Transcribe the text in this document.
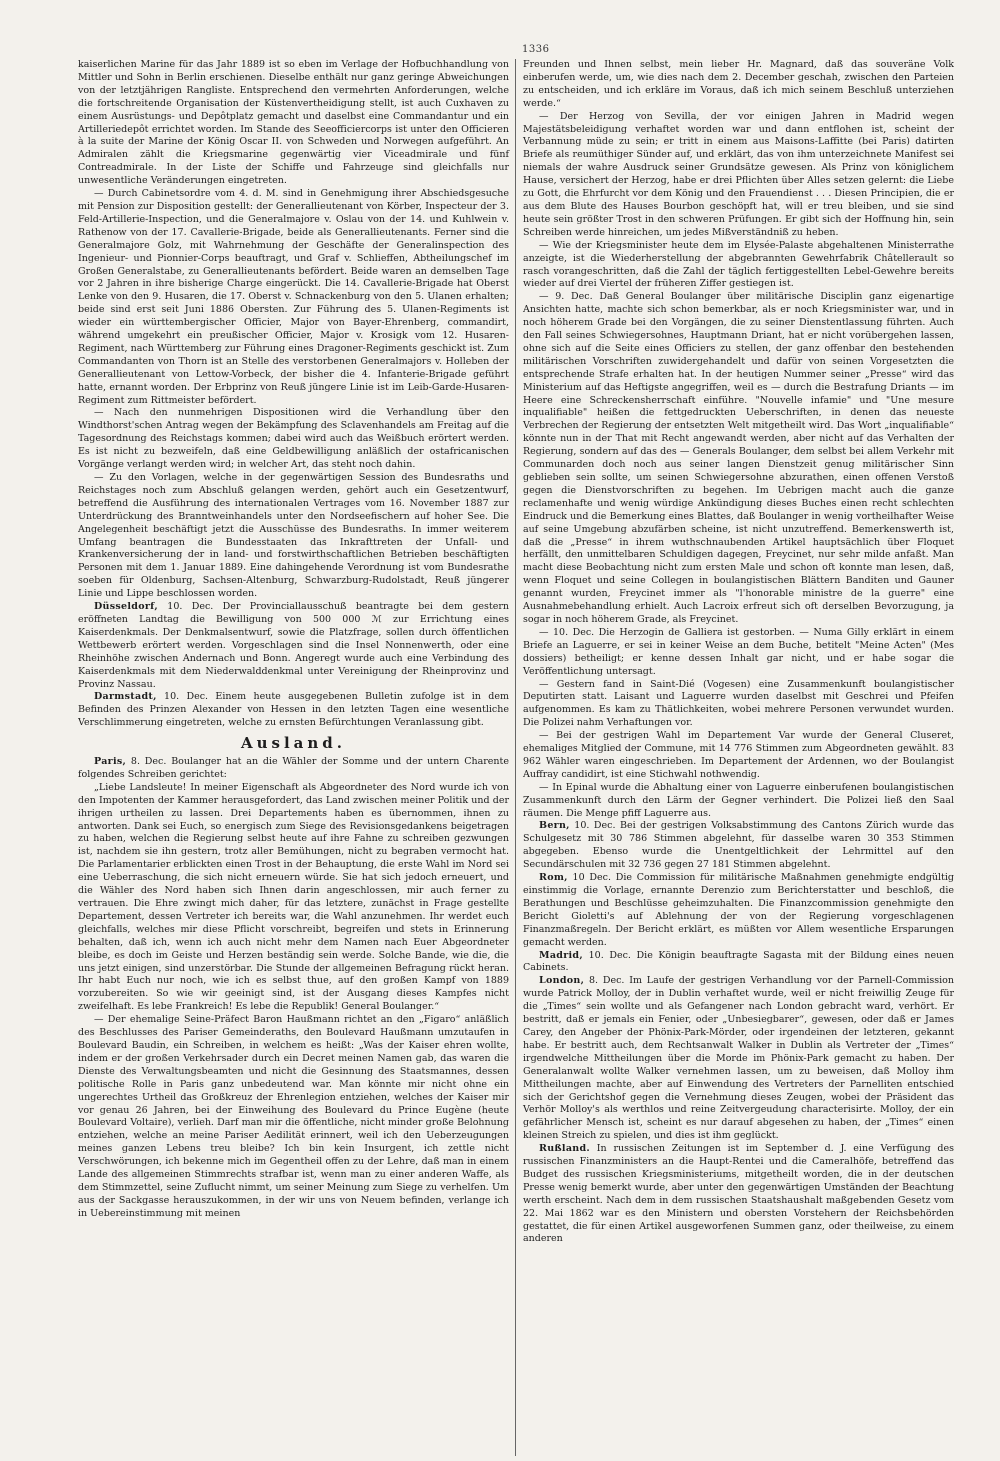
1336

kaiserlichen Marine für das Jahr 1889 ist so eben im Verlage der Hofbuchhandlung von Mittler und Sohn in Berlin erschienen. Dieselbe enthält nur ganz geringe Abweichungen von der letztjährigen Rangliste. Entsprechend den vermehrten Anforderungen, welche die fortschreitende Organisation der Küstenvertheidigung stellt, ist auch Cuxhaven zu einem Ausrüstungs- und Depôtplatz gemacht und daselbst eine Commandantur und ein Artilleriedepôt errichtet worden. Im Stande des Seeofficiercorps ist unter den Officieren à la suite der Marine der König Oscar II. von Schweden und Norwegen aufgeführt. An Admiralen zählt die Kriegsmarine gegenwärtig vier Viceadmirale und fünf Contreadmirale. In der Liste der Schiffe und Fahrzeuge sind gleichfalls nur unwesentliche Veränderungen eingetreten.

— Durch Cabinetsordre vom 4. d. M. sind in Genehmigung ihrer Abschiedsgesuche mit Pension zur Disposition gestellt: der Generallieutenant von Körber, Inspecteur der 3. Feld-Artillerie-Inspection, und die Generalmajore v. Oslau von der 14. und Kuhlwein v. Rathenow von der 17. Cavallerie-Brigade, beide als Generallieutenants. Ferner sind die Generalmajore Golz, mit Wahrnehmung der Geschäfte der Generalinspection des Ingenieur- und Pionnier-Corps beauftragt, und Graf v. Schlieffen, Abtheilungschef im Großen Generalstabe, zu Generallieutenants befördert. Beide waren an demselben Tage vor 2 Jahren in ihre bisherige Charge eingerückt. Die 14. Cavallerie-Brigade hat Oberst Lenke von den 9. Husaren, die 17. Oberst v. Schnackenburg von den 5. Ulanen erhalten; beide sind erst seit Juni 1886 Obersten. Zur Führung des 5. Ulanen-Regiments ist wieder ein württembergischer Officier, Major von Bayer-Ehrenberg, commandirt, während umgekehrt ein preußischer Officier, Major v. Krosigk vom 12. Husaren-Regiment, nach Württemberg zur Führung eines Dragoner-Regiments geschickt ist. Zum Commandanten von Thorn ist an Stelle des verstorbenen Generalmajors v. Holleben der Generallieutenant von Lettow-Vorbeck, der bisher die 4. Infanterie-Brigade geführt hatte, ernannt worden. Der Erbprinz von Reuß jüngere Linie ist im Leib-Garde-Husaren-Regiment zum Rittmeister befördert.

— Nach den nunmehrigen Dispositionen wird die Verhandlung über den Windthorst'schen Antrag wegen der Bekämpfung des Sclavenhandels am Freitag auf die Tagesordnung des Reichstags kommen; dabei wird auch das Weißbuch erörtert werden. Es ist nicht zu bezweifeln, daß eine Geldbewilligung anläßlich der ostafricanischen Vorgänge verlangt werden wird; in welcher Art, das steht noch dahin.

— Zu den Vorlagen, welche in der gegenwärtigen Session des Bundesraths und Reichstages noch zum Abschluß gelangen werden, gehört auch ein Gesetzentwurf, betreffend die Ausführung des internationalen Vertrages vom 16. November 1887 zur Unterdrückung des Branntweinhandels unter den Nordseefischern auf hoher See. Die Angelegenheit beschäftigt jetzt die Ausschüsse des Bundesraths. In immer weiterem Umfang beantragen die Bundesstaaten das Inkrafttreten der Unfall- und Krankenversicherung der in land- und forstwirthschaftlichen Betrieben beschäftigten Personen mit dem 1. Januar 1889. Eine dahingehende Verordnung ist vom Bundesrathe soeben für Oldenburg, Sachsen-Altenburg, Schwarzburg-Rudolstadt, Reuß jüngerer Linie und Lippe beschlossen worden.

Düsseldorf, 10. Dec. Der Provinciallausschuß beantragte bei dem gestern eröffneten Landtag die Bewilligung von 500 000 ℳ zur Errichtung eines Kaiserdenkmals. Der Denkmalsentwurf, sowie die Platzfrage, sollen durch öffentlichen Wettbewerb erörtert werden. Vorgeschlagen sind die Insel Nonnenwerth, oder eine Rheinhöhe zwischen Andernach und Bonn. Angeregt wurde auch eine Verbindung des Kaiserdenkmals mit dem Niederwalddenkmal unter Vereinigung der Rheinprovinz und Provinz Nassau.

Darmstadt, 10. Dec. Einem heute ausgegebenen Bulletin zufolge ist in dem Befinden des Prinzen Alexander von Hessen in den letzten Tagen eine wesentliche Verschlimmerung eingetreten, welche zu ernsten Befürchtungen Veranlassung gibt.

Ausland.

Paris, 8. Dec. Boulanger hat an die Wähler der Somme und der untern Charente folgendes Schreiben gerichtet:

„Liebe Landsleute! In meiner Eigenschaft als Abgeordneter des Nord wurde ich von den Impotenten der Kammer herausgefordert, das Land zwischen meiner Politik und der ihrigen urtheilen zu lassen. Drei Departements haben es übernommen, ihnen zu antworten. Dank sei Euch, so energisch zum Siege des Revisionsgedankens beigetragen zu haben, welchen die Regierung selbst heute auf ihre Fahne zu schreiben gezwungen ist, nachdem sie ihn gestern, trotz aller Bemühungen, nicht zu begraben vermocht hat. Die Parlamentarier erblickten einen Trost in der Behauptung, die erste Wahl im Nord sei eine Ueberraschung, die sich nicht erneuern würde. Sie hat sich jedoch erneuert, und die Wähler des Nord haben sich Ihnen darin angeschlossen, mir auch ferner zu vertrauen. Die Ehre zwingt mich daher, für das letztere, zunächst in Frage gestellte Departement, dessen Vertreter ich bereits war, die Wahl anzunehmen. Ihr werdet euch gleichfalls, welches mir diese Pflicht vorschreibt, begreifen und stets in Erinnerung behalten, daß ich, wenn ich auch nicht mehr dem Namen nach Euer Abgeordneter bleibe, es doch im Geiste und Herzen beständig sein werde. Solche Bande, wie die, die uns jetzt einigen, sind unzerstörbar. Die Stunde der allgemeinen Befragung rückt heran. Ihr habt Euch nur noch, wie ich es selbst thue, auf den großen Kampf von 1889 vorzubereiten. So wie wir geeinigt sind, ist der Ausgang dieses Kampfes nicht zweifelhaft. Es lebe Frankreich! Es lebe die Republik! General Boulanger.“

— Der ehemalige Seine-Präfect Baron Haußmann richtet an den „Figaro“ anläßlich des Beschlusses des Pariser Gemeinderaths, den Boulevard Haußmann umzutaufen in Boulevard Baudin, ein Schreiben, in welchem es heißt: „Was der Kaiser ehren wollte, indem er der großen Verkehrsader durch ein Decret meinen Namen gab, das waren die Dienste des Verwaltungsbeamten und nicht die Gesinnung des Staatsmannes, dessen politische Rolle in Paris ganz unbedeutend war. Man könnte mir nicht ohne ein ungerechtes Urtheil das Großkreuz der Ehrenlegion entziehen, welches der Kaiser mir vor genau 26 Jahren, bei der Einweihung des Boulevard du Prince Eugène (heute Boulevard Voltaire), verlieh. Darf man mir die öffentliche, nicht minder große Belohnung entziehen, welche an meine Pariser Aedilität erinnert, weil ich den Ueberzeugungen meines ganzen Lebens treu bleibe? Ich bin kein Insurgent, ich zettle nicht Verschwörungen, ich bekenne mich im Gegentheil offen zu der Lehre, daß man in einem Lande des allgemeinen Stimmrechts strafbar ist, wenn man zu einer anderen Waffe, als dem Stimmzettel, seine Zuflucht nimmt, um seiner Meinung zum Siege zu verhelfen. Um aus der Sackgasse herauszukommen, in der wir uns von Neuem befinden, verlange ich in Uebereinstimmung mit meinen

Freunden und Ihnen selbst, mein lieber Hr. Magnard, daß das souveräne Volk einberufen werde, um, wie dies nach dem 2. December geschah, zwischen den Parteien zu entscheiden, und ich erkläre im Voraus, daß ich mich seinem Beschluß unterziehen werde.“

— Der Herzog von Sevilla, der vor einigen Jahren in Madrid wegen Majestätsbeleidigung verhaftet worden war und dann entflohen ist, scheint der Verbannung müde zu sein; er tritt in einem aus Maisons-Laffitte (bei Paris) datirten Briefe als reumüthiger Sünder auf, und erklärt, das von ihm unterzeichnete Manifest sei niemals der wahre Ausdruck seiner Grundsätze gewesen. Als Prinz von königlichem Hause, versichert der Herzog, habe er drei Pflichten über Alles setzen gelernt: die Liebe zu Gott, die Ehrfurcht vor dem König und den Frauendienst . . . Diesen Principien, die er aus dem Blute des Hauses Bourbon geschöpft hat, will er treu bleiben, und sie sind heute sein größter Trost in den schweren Prüfungen. Er gibt sich der Hoffnung hin, sein Schreiben werde hinreichen, um jedes Mißverständniß zu heben.

— Wie der Kriegsminister heute dem im Elysée-Palaste abgehaltenen Ministerrathe anzeigte, ist die Wiederherstellung der abgebrannten Gewehrfabrik Châtellerault so rasch vorangeschritten, daß die Zahl der täglich fertiggestellten Lebel-Gewehre bereits wieder auf drei Viertel der früheren Ziffer gestiegen ist.

— 9. Dec. Daß General Boulanger über militärische Disciplin ganz eigenartige Ansichten hatte, machte sich schon bemerkbar, als er noch Kriegsminister war, und in noch höherem Grade bei den Vorgängen, die zu seiner Dienstentlassung führten. Auch den Fall seines Schwiegersohnes, Hauptmann Driant, hat er nicht vorübergehen lassen, ohne sich auf die Seite eines Officiers zu stellen, der ganz offenbar den bestehenden militärischen Vorschriften zuwidergehandelt und dafür von seinen Vorgesetzten die entsprechende Strafe erhalten hat. In der heutigen Nummer seiner „Presse“ wird das Ministerium auf das Heftigste angegriffen, weil es — durch die Bestrafung Driants — im Heere eine Schreckensherrschaft einführe. "Nouvelle infamie" und "Une mesure inqualifiable" heißen die fettgedruckten Ueberschriften, in denen das neueste Verbrechen der Regierung der entsetzten Welt mitgetheilt wird. Das Wort „inqualifiable“ könnte nun in der That mit Recht angewandt werden, aber nicht auf das Verhalten der Regierung, sondern auf das des — Generals Boulanger, dem selbst bei allem Verkehr mit Communarden doch noch aus seiner langen Dienstzeit genug militärischer Sinn geblieben sein sollte, um seinen Schwiegersohne abzurathen, einen offenen Verstoß gegen die Dienstvorschriften zu begehen. Im Uebrigen macht auch die ganze reclamenhafte und wenig würdige Ankündigung dieses Buches einen recht schlechten Eindruck und die Bemerkung eines Blattes, daß Boulanger in wenig vortheilhafter Weise auf seine Umgebung abzufärben scheine, ist nicht unzutreffend. Bemerkenswerth ist, daß die „Presse“ in ihrem wuthschnaubenden Artikel hauptsächlich über Floquet herfällt, den unmittelbaren Schuldigen dagegen, Freycinet, nur sehr milde anfaßt. Man macht diese Beobachtung nicht zum ersten Male und schon oft konnte man lesen, daß, wenn Floquet und seine Collegen in boulangistischen Blättern Banditen und Gauner genannt wurden, Freycinet immer als "l'honorable ministre de la guerre" eine Ausnahmebehandlung erhielt. Auch Lacroix erfreut sich oft derselben Bevorzugung, ja sogar in noch höherem Grade, als Freycinet.

— 10. Dec. Die Herzogin de Galliera ist gestorben. — Numa Gilly erklärt in einem Briefe an Laguerre, er sei in keiner Weise an dem Buche, betitelt "Meine Acten" (Mes dossiers) betheiligt; er kenne dessen Inhalt gar nicht, und er habe sogar die Veröffentlichung untersagt.

— Gestern fand in Saint-Dié (Vogesen) eine Zusammenkunft boulangistischer Deputirten statt. Laisant und Laguerre wurden daselbst mit Geschrei und Pfeifen aufgenommen. Es kam zu Thätlichkeiten, wobei mehrere Personen verwundet wurden. Die Polizei nahm Verhaftungen vor.

— Bei der gestrigen Wahl im Departement Var wurde der General Cluseret, ehemaliges Mitglied der Commune, mit 14 776 Stimmen zum Abgeordneten gewählt. 83 962 Wähler waren eingeschrieben. Im Departement der Ardennen, wo der Boulangist Auffray candidirt, ist eine Stichwahl nothwendig.

— In Epinal wurde die Abhaltung einer von Laguerre einberufenen boulangistischen Zusammenkunft durch den Lärm der Gegner verhindert. Die Polizei ließ den Saal räumen. Die Menge pfiff Laguerre aus.

Bern, 10. Dec. Bei der gestrigen Volksabstimmung des Cantons Zürich wurde das Schulgesetz mit 30 786 Stimmen abgelehnt, für dasselbe waren 30 353 Stimmen abgegeben. Ebenso wurde die Unentgeltlichkeit der Lehrmittel auf den Secundärschulen mit 32 736 gegen 27 181 Stimmen abgelehnt.

Rom, 10 Dec. Die Commission für militärische Maßnahmen genehmigte endgültig einstimmig die Vorlage, ernannte Derenzio zum Berichterstatter und beschloß, die Berathungen und Beschlüsse geheimzuhalten. Die Finanzcommission genehmigte den Bericht Gioletti's auf Ablehnung der von der Regierung vorgeschlagenen Finanzmaßregeln. Der Bericht erklärt, es müßten vor Allem wesentliche Ersparungen gemacht werden.

Madrid, 10. Dec. Die Königin beauftragte Sagasta mit der Bildung eines neuen Cabinets.

London, 8. Dec. Im Laufe der gestrigen Verhandlung vor der Parnell-Commission wurde Patrick Molloy, der in Dublin verhaftet wurde, weil er nicht freiwillig Zeuge für die „Times“ sein wollte und als Gefangener nach London gebracht ward, verhört. Er bestritt, daß er jemals ein Fenier, oder „Unbesiegbarer“, gewesen, oder daß er James Carey, den Angeber der Phönix-Park-Mörder, oder irgendeinen der letzteren, gekannt habe. Er bestritt auch, dem Rechtsanwalt Walker in Dublin als Vertreter der „Times“ irgendwelche Mittheilungen über die Morde im Phönix-Park gemacht zu haben. Der Generalanwalt wollte Walker vernehmen lassen, um zu beweisen, daß Molloy ihm Mittheilungen machte, aber auf Einwendung des Vertreters der Parnelliten entschied sich der Gerichtshof gegen die Vernehmung dieses Zeugen, wobei der Präsident das Verhör Molloy's als werthlos und reine Zeitvergeudung characterisirte. Molloy, der ein gefährlicher Mensch ist, scheint es nur darauf abgesehen zu haben, der „Times“ einen kleinen Streich zu spielen, und dies ist ihm geglückt.

Rußland. In russischen Zeitungen ist im September d. J. eine Verfügung des russischen Finanzministers an die Haupt-Rentei und die Cameralhöfe, betreffend das Budget des russischen Kriegsministeriums, mitgetheilt worden, die in der deutschen Presse wenig bemerkt wurde, aber unter den gegenwärtigen Umständen der Beachtung werth erscheint. Nach dem in dem russischen Staatshaushalt maßgebenden Gesetz vom 22. Mai 1862 war es den Ministern und obersten Vorstehern der Reichsbehörden gestattet, die für einen Artikel ausgeworfenen Summen ganz, oder theilweise, zu einem anderen
